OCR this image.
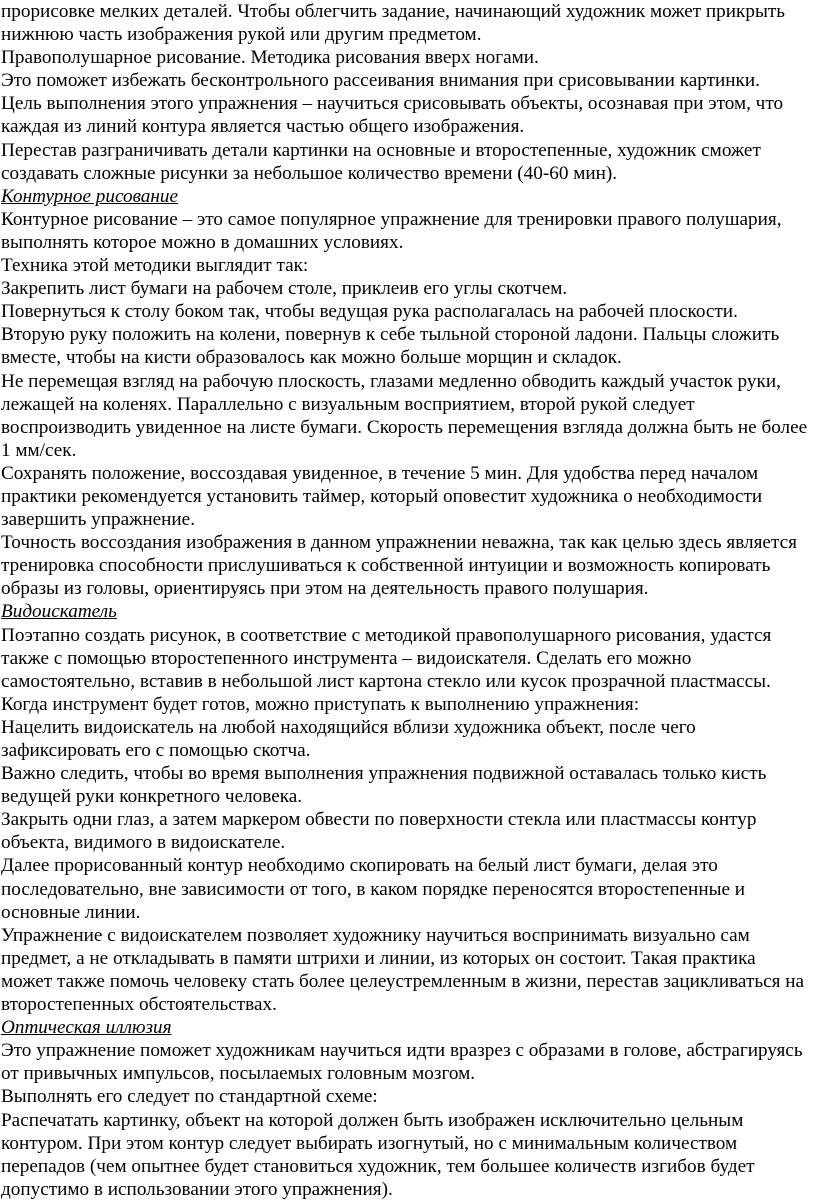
прорисовке мелких деталей. Чтобы облегчить задание, начинающий художник может прикрыть нижнюю часть изображения рукой или другим предметом.

Правополушарное рисование. Методика рисования вверх ногами.

Это поможет избежать бесконтрольного рассеивания внимания при срисовывании картинки.

Цель выполнения этого упражнения – научиться срисовывать объекты, осознавая при этом, что каждая из линий контура является частью общего изображения.

Перестав разграничивать детали картинки на основные и второстепенные, художник сможет создавать сложные рисунки за небольшое количество времени (40-60 мин).

Контурное рисование

Контурное рисование – это самое популярное упражнение для тренировки правого полушария, выполнять которое можно в домашних условиях.

Техника этой методики выглядит так:

Закрепить лист бумаги на рабочем столе, приклеив его углы скотчем.

Повернуться к столу боком так, чтобы ведущая рука располагалась на рабочей плоскости.

Вторую руку положить на колени, повернув к себе тыльной стороной ладони. Пальцы сложить вместе, чтобы на кисти образовалось как можно больше морщин и складок.

Не перемещая взгляд на рабочую плоскость, глазами медленно обводить каждый участок руки, лежащей на коленях. Параллельно с визуальным восприятием, второй рукой следует воспроизводить увиденное на листе бумаги. Скорость перемещения взгляда должна быть не более 1 мм/сек.

Сохранять положение, воссоздавая увиденное, в течение 5 мин. Для удобства перед началом практики рекомендуется установить таймер, который оповестит художника о необходимости завершить упражнение.

Точность воссоздания изображения в данном упражнении неважна, так как целью здесь является тренировка способности прислушиваться к собственной интуиции и возможность копировать образы из головы, ориентируясь при этом на деятельность правого полушария.

Видоискатель

Поэтапно создать рисунок, в соответствие с методикой правополушарного рисования, удастся также с помощью второстепенного инструмента – видоискателя. Сделать его можно самостоятельно, вставив в небольшой лист картона стекло или кусок прозрачной пластмассы.

Когда инструмент будет готов, можно приступать к выполнению упражнения:

Нацелить видоискатель на любой находящийся вблизи художника объект, после чего зафиксировать его с помощью скотча.

Важно следить, чтобы во время выполнения упражнения подвижной оставалась только кисть ведущей руки конкретного человека.

Закрыть одни глаз, а затем маркером обвести по поверхности стекла или пластмассы контур объекта, видимого в видоискателе.

Далее прорисованный контур необходимо скопировать на белый лист бумаги, делая это последовательно, вне зависимости от того, в каком порядке переносятся второстепенные и основные линии.

Упражнение с видоискателем позволяет художнику научиться воспринимать визуально сам предмет, а не откладывать в памяти штрихи и линии, из которых он состоит. Такая практика может также помочь человеку стать более целеустремленным в жизни, перестав зацикливаться на второстепенных обстоятельствах.

Оптическая иллюзия

Это упражнение поможет художникам научиться идти вразрез с образами в голове, абстрагируясь от привычных импульсов, посылаемых головным мозгом.

Выполнять его следует по стандартной схеме:

Распечатать картинку, объект на которой должен быть изображен исключительно цельным контуром. При этом контур следует выбирать изогнутый, но с минимальным количеством перепадов (чем опытнее будет становиться художник, тем большее количеств изгибов будет допустимо в использовании этого упражнения).
